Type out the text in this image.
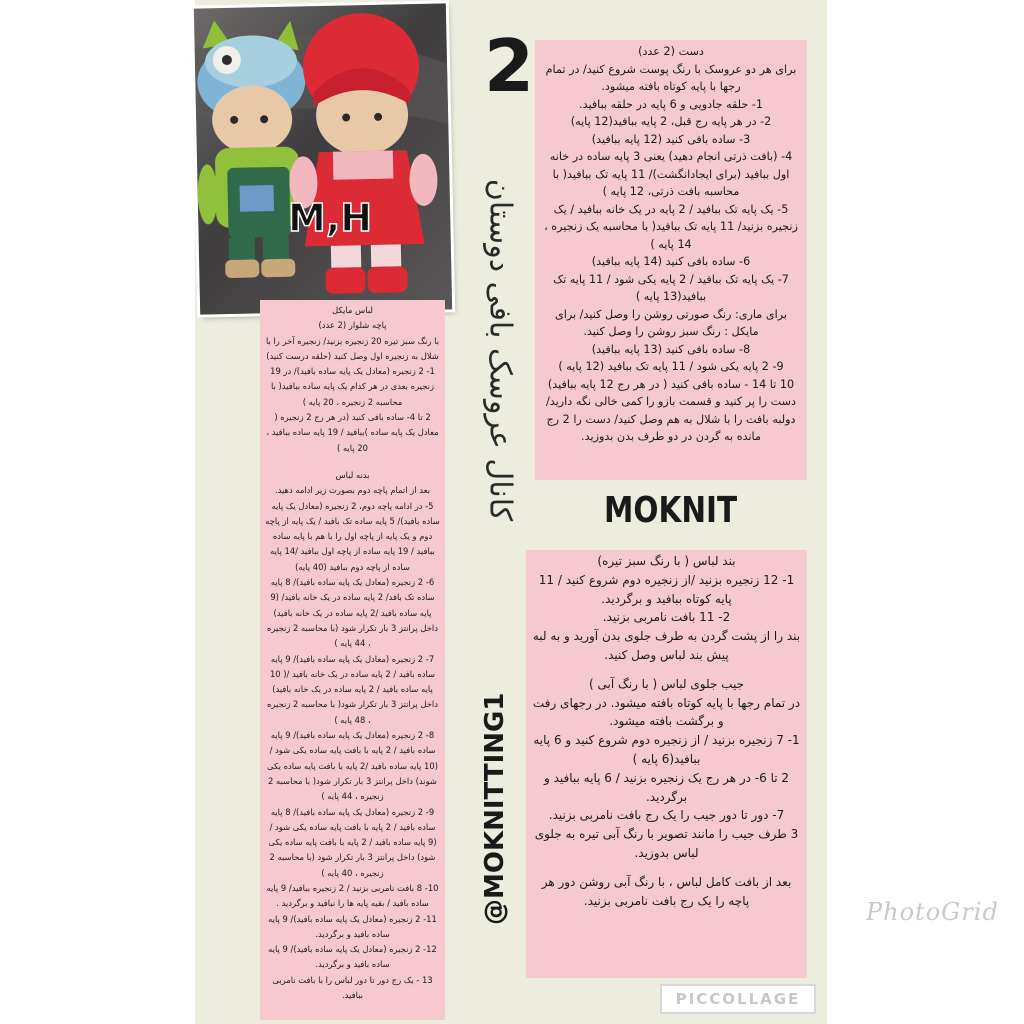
M,H
2
کانال عروسک بافی دوستان MOKNIT
@MOKNITTING1

دست (2 عدد)

برای هر دو عروسک با رنگ پوست شروع کنید/ در تمام رجها با پایه کوتاه بافته میشود.

1- حلقه جادویی و 6 پایه در حلقه ببافید.

2- در هر پایه رج قبل، 2 پایه ببافید(12 پایه)

3- ساده بافی کنید (12 پایه ببافید)

4- (بافت ذرتی انجام دهید) یعنی 3 پایه ساده در خانه اول ببافید (برای ایجادانگشت)/ 11 پایه تک ببافید( با محاسبه بافت ذرتی، 12 پایه )

5- یک پایه تک ببافید / 2 پایه در یک خانه ببافید / یک زنجیره بزنید/ 11 پایه تک ببافید( با محاسبه یک زنجیره ، 14 پایه )

6- ساده بافی کنید (14 پایه ببافید)

7- یک پایه تک ببافید / 2 پایه یکی شود / 11 پایه تک ببافید(13 پایه )

برای ماری: رنگ صورتی روشن را وصل کنید/ برای مایکل : رنگ سبز روشن را وصل کنید.

8- ساده بافی کنید (13 پایه ببافید)

9- 2 پایه یکی شود / 11 پایه تک ببافید (12 پایه )

10 تا 14 - ساده بافی کنید ( در هر رج 12 پایه ببافید)

دست را پر کنید و قسمت بازو را کمی خالی نگه دارید/ دولبه بافت را با شلال به هم وصل کنید/ دست را 2 رج مانده به گردن در دو طرف بدن بدوزید.

لباس مایکل

پاچه شلوار (2 عدد)

با رنگ سبز تیره 20 زنجیره بزنید/ زنجیره آخر را با شلال به زنجیره اول وصل کنید (حلقه درست کنید)

1- 2 زنجیره (معادل یک پایه ساده بافید)/ در 19 زنجیره بعدی در هر کدام یک پایه ساده ببافید( با محاسبه 2 زنجیره ، 20 پایه )

2 تا 4- ساده بافی کنید (در هر رج 2 زنجیره ( معادل یک پایه ساده )ببافید / 19 پایه ساده ببافید ، 20 پایه )

بدنه لباس

بعد از اتمام پاچه دوم بصورت زیر ادامه دهید.

5- در ادامه پاچه دوم، 2 زنجیره (معادل یک پایه ساده بافید)/ 5 پایه ساده تک بافید / یک پایه از پاچه دوم و یک پایه از پاچه اول را با هم با پایه ساده ببافید / 19 پایه ساده از پاچه اول ببافید /14 پایه ساده از پاچه دوم ببافید (40 پایه)

6- 2 زنجیره (معادل یک پایه ساده بافید)/ 8 پایه ساده تک بافد/ 2 پایه ساده در یک خانه بافید/ (9 پایه ساده بافید /2 پایه ساده در یک خانه بافید) داخل پرانتز 3 بار تکرار شود (با محاسبه 2 زنجیره ، 44 پایه )

7- 2 زنجیره (معادل یک پایه ساده بافید)/ 9 پایه ساده بافید / 2 پایه ساده در یک خانه بافید /( 10 پایه ساده بافید / 2 پایه ساده در یک خانه بافید) داخل پرانتز 3 بار تکرار شود( با محاسبه 2 زنجیره ، 48 پایه )

8- 2 زنجیره (معادل یک پایه ساده بافید)/ 9 پایه ساده بافید / 2 پایه با بافت پایه ساده یکی شود / (10 پایه ساده بافید /2 پایه با بافت پایه ساده یکی شوند) داخل پرانتز 3 بار تکرار شود( با محاسبه 2 زنجیره ، 44 پایه )

9- 2 زنجیره (معادل یک پایه ساده بافید)/ 8 پایه ساده بافید / 2 پایه با بافت پایه ساده یکی شود / (9 پایه ساده بافید / 2 پایه با بافت پایه ساده یکی شود) داخل پرانتز 3 بار تکرار شود (با محاسبه 2 زنجیره ، 40 پایه )

10- 8 بافت نامربی بزنید / 2 زنجیره ببافید/ 9 پایه ساده بافید / بقیه پایه ها را نبافید و برگردید .

11- 2 زنجیره (معادل یک پایه ساده بافید)/ 9 پایه ساده بافید و برگردید.

12- 2 زنجیره (معادل یک پایه ساده بافید)/ 9 پایه ساده بافید و برگردید.

13 - یک رج دور تا دور لباس را با بافت نامربی ببافید.

بند لباس ( با رنگ سبز تیره)

1- 12 زنجیره بزنید /از زنجیره دوم شروع کنید / 11 پایه کوتاه ببافید و برگردید.

2- 11 بافت نامربی بزنید.

بند را از پشت گردن به طرف جلوی بدن آورید و به لبه پیش بند لباس وصل کنید.

جیب جلوی لباس ( با رنگ آبی )

در تمام رجها با پایه کوتاه بافته میشود. در رجهای رفت و برگشت بافته میشود.

1- 7 زنجیره بزنید / از زنجیره دوم شروع کنید و 6 پایه ببافید(6 پایه )

2 تا 6- در هر رج یک زنجیره بزنید / 6 پایه ببافید و برگردید.

7- دور تا دور جیب را یک رج بافت نامربی بزنید.

3 طرف جیب را مانند تصویر با رنگ آبی تیره به جلوی لباس بدوزید.

بعد از بافت کامل لباس ، با رنگ آبی روشن دور هر پاچه را یک رج بافت نامربی بزنید.	PhotoGrid
PICCOLLAGE
